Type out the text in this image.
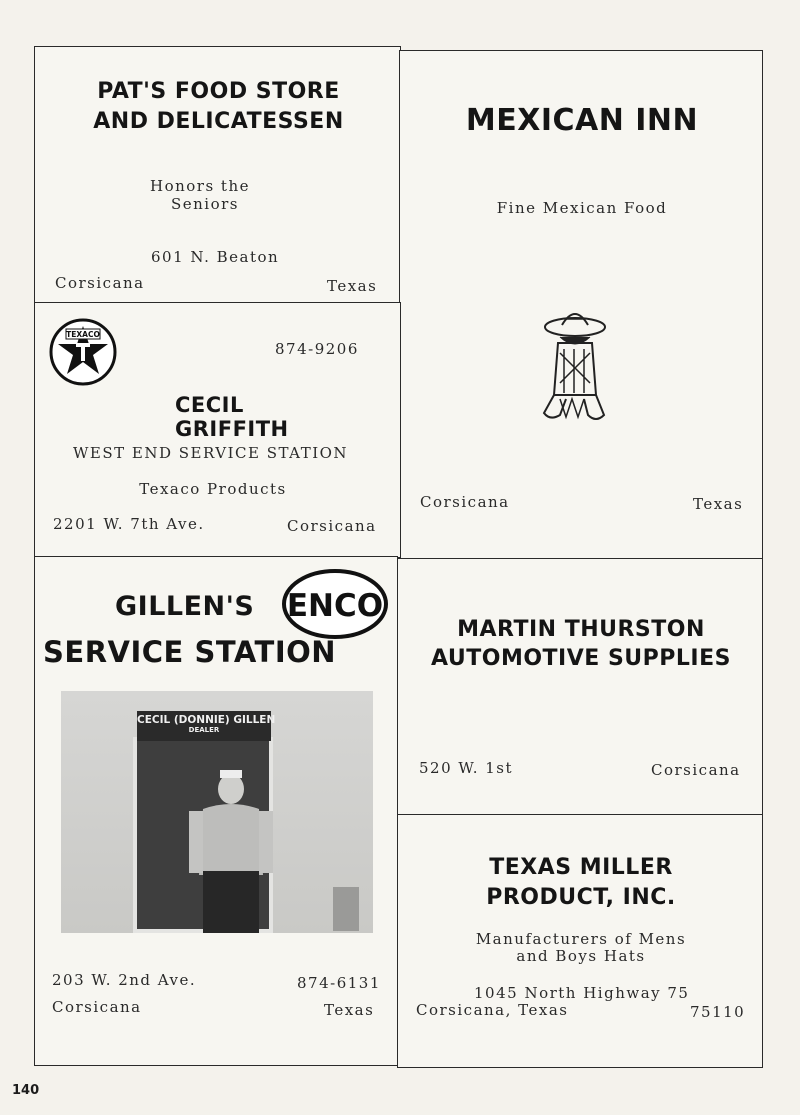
PAT'S FOOD STORE
AND DELICATESSEN
Honors the
Seniors
601 N. Beaton
Corsicana	Texas
MEXICAN INN
Fine Mexican Food
Corsicana	Texas
TEXACO
874-9206
CECIL GRIFFITH
WEST END SERVICE STATION
Texaco Products
2201 W. 7th Ave.	Corsicana
GILLEN'S
SERVICE STATION
ENCO
CECIL (DONNIE) GILLEN
DEALER
203 W. 2nd Ave.	874-6131
Corsicana	Texas
MARTIN THURSTON
AUTOMOTIVE SUPPLIES
520 W. 1st	Corsicana
TEXAS MILLER
PRODUCT, INC.
Manufacturers of Mens
and Boys Hats
1045 North Highway 75
Corsicana, Texas	75110
140
